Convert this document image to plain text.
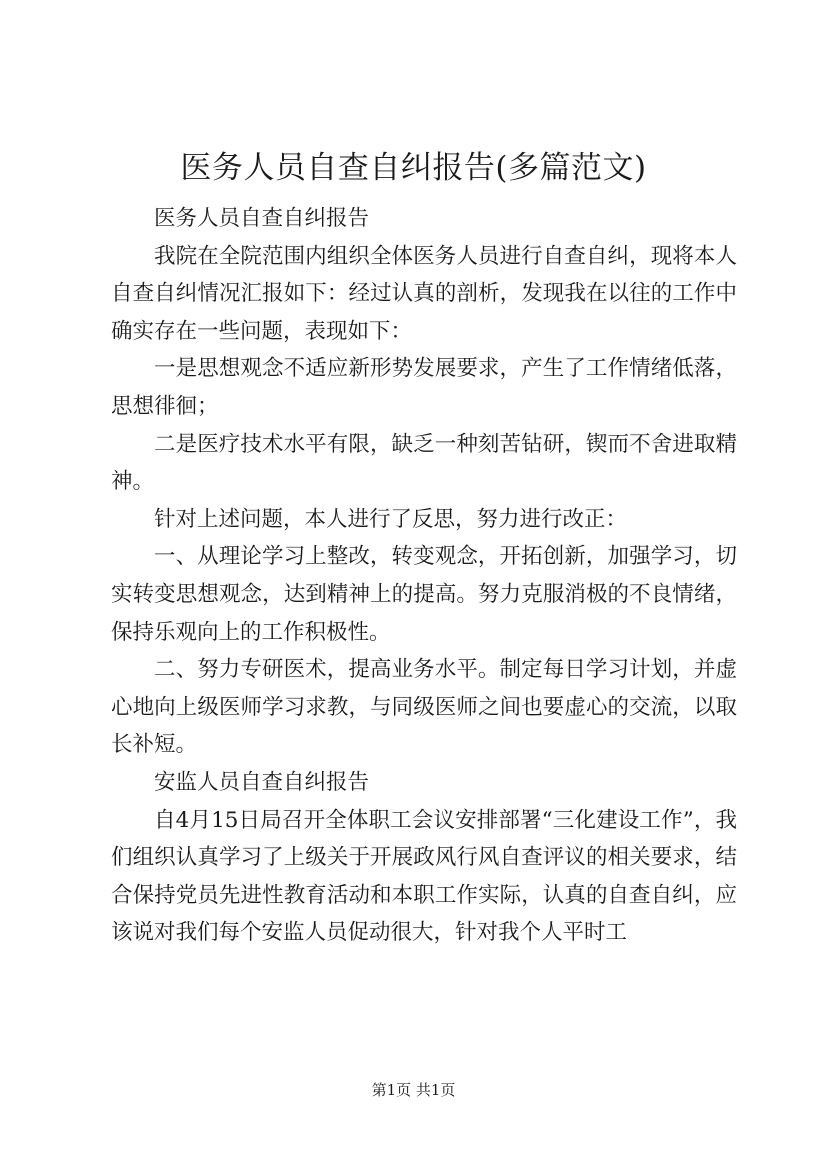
医务人员自查自纠报告(多篇范文)

医务人员自查自纠报告

我院在全院范围内组织全体医务人员进行自查自纠，现将本人自查自纠情况汇报如下：经过认真的剖析，发现我在以往的工作中确实存在一些问题，表现如下：

一是思想观念不适应新形势发展要求，产生了工作情绪低落，思想徘徊；

二是医疗技术水平有限，缺乏一种刻苦钻研，锲而不舍进取精神。

针对上述问题，本人进行了反思，努力进行改正：

一、从理论学习上整改，转变观念，开拓创新，加强学习，切实转变思想观念，达到精神上的提高。努力克服消极的不良情绪，保持乐观向上的工作积极性。

二、努力专研医术，提高业务水平。制定每日学习计划，并虚心地向上级医师学习求教，与同级医师之间也要虚心的交流，以取长补短。

安监人员自查自纠报告

自4月15日局召开全体职工会议安排部署“三化建设工作”，我们组织认真学习了上级关于开展政风行风自查评议的相关要求，结合保持党员先进性教育活动和本职工作实际，认真的自查自纠，应该说对我们每个安监人员促动很大，针对我个人平时工

第1页 共1页
